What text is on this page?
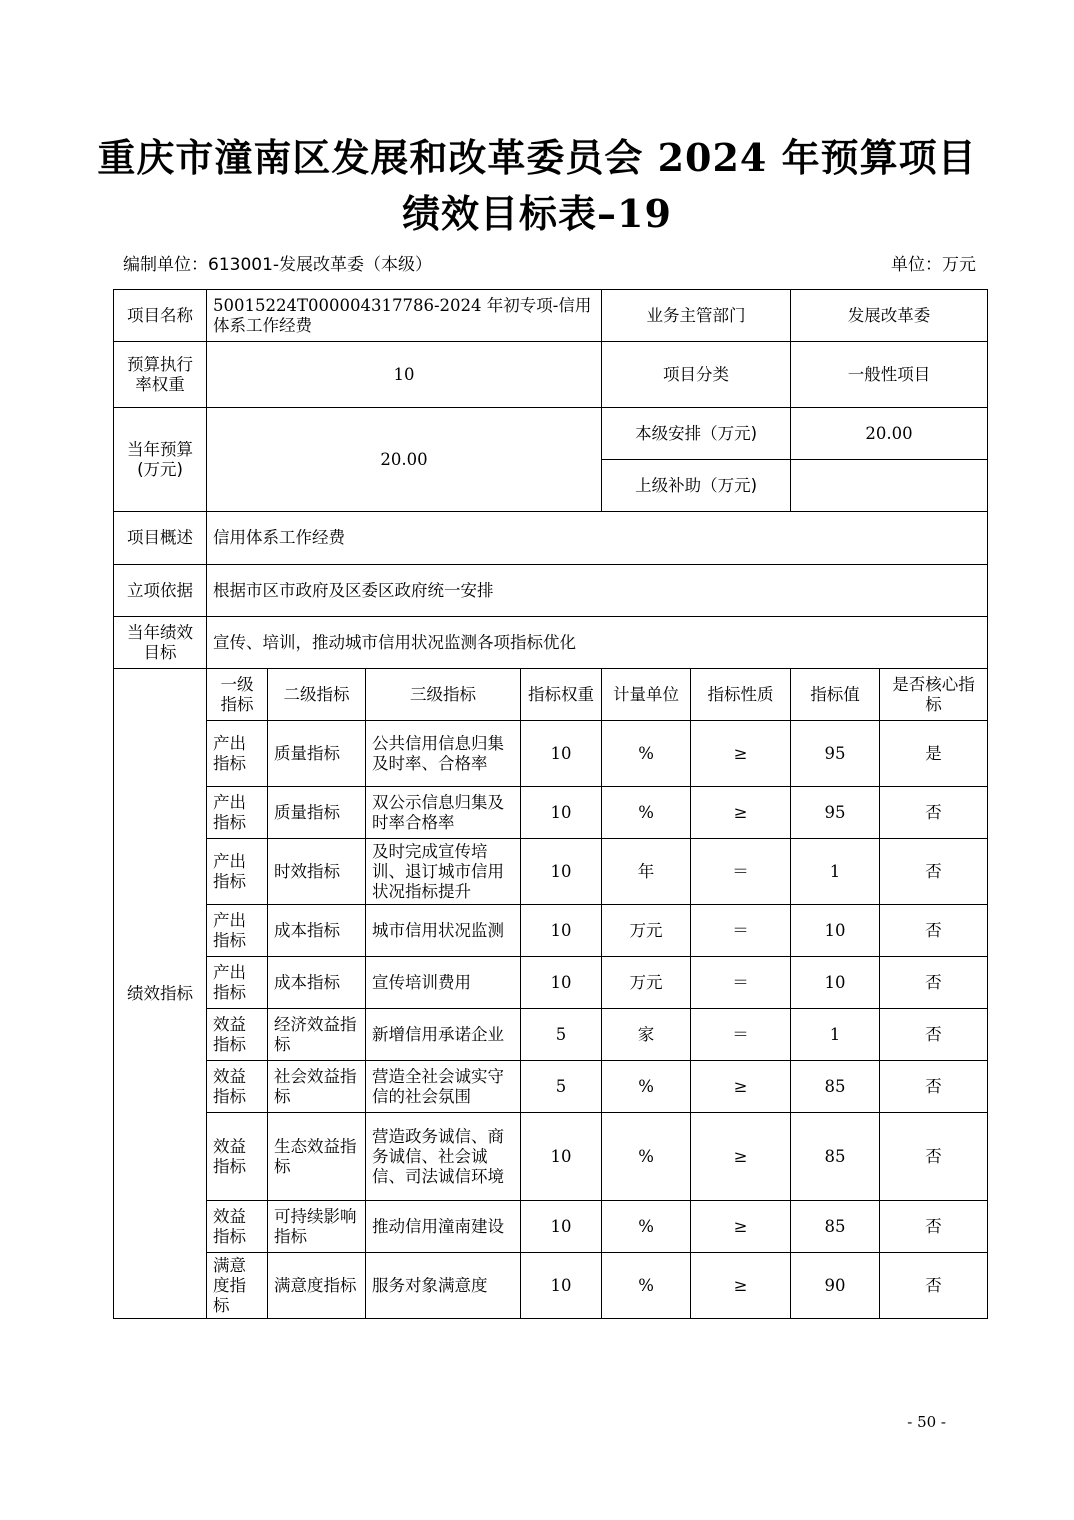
重庆市潼南区发展和改革委员会 2024 年预算项目
绩效目标表–19
编制单位：613001-发展改革委（本级）	单位：万元
项目名称	50015224T000004317786-2024 年初专项-信用体系工作经费				业务主管部门		发展改革委	
预算执行率权重	10				项目分类		一般性项目	
当年预算(万元)	20.00				本级安排（万元)		20.00	
					上级补助（万元)			
项目概述	信用体系工作经费							
立项依据	根据市区市政府及区委区政府统一安排							
当年绩效目标	宣传、培训，推动城市信用状况监测各项指标优化							
绩效指标	一级指标	二级指标	三级指标	指标权重	计量单位	指标性质	指标值	是否核心指标
	产出指标	质量指标	公共信用信息归集及时率、合格率	10	%	≥	95	是
	产出指标	质量指标	双公示信息归集及时率合格率	10	%	≥	95	否
	产出指标	时效指标	及时完成宣传培训、退订城市信用状况指标提升	10	年	＝	1	否
	产出指标	成本指标	城市信用状况监测	10	万元	＝	10	否
	产出指标	成本指标	宣传培训费用	10	万元	＝	10	否
	效益指标	经济效益指标	新增信用承诺企业	5	家	＝	1	否
	效益指标	社会效益指标	营造全社会诚实守信的社会氛围	5	%	≥	85	否
	效益指标	生态效益指标	营造政务诚信、商务诚信、社会诚信、司法诚信环境	10	%	≥	85	否
	效益指标	可持续影响指标	推动信用潼南建设	10	%	≥	85	否
	满意度指标	满意度指标	服务对象满意度	10	%	≥	90	否
- 50 -
